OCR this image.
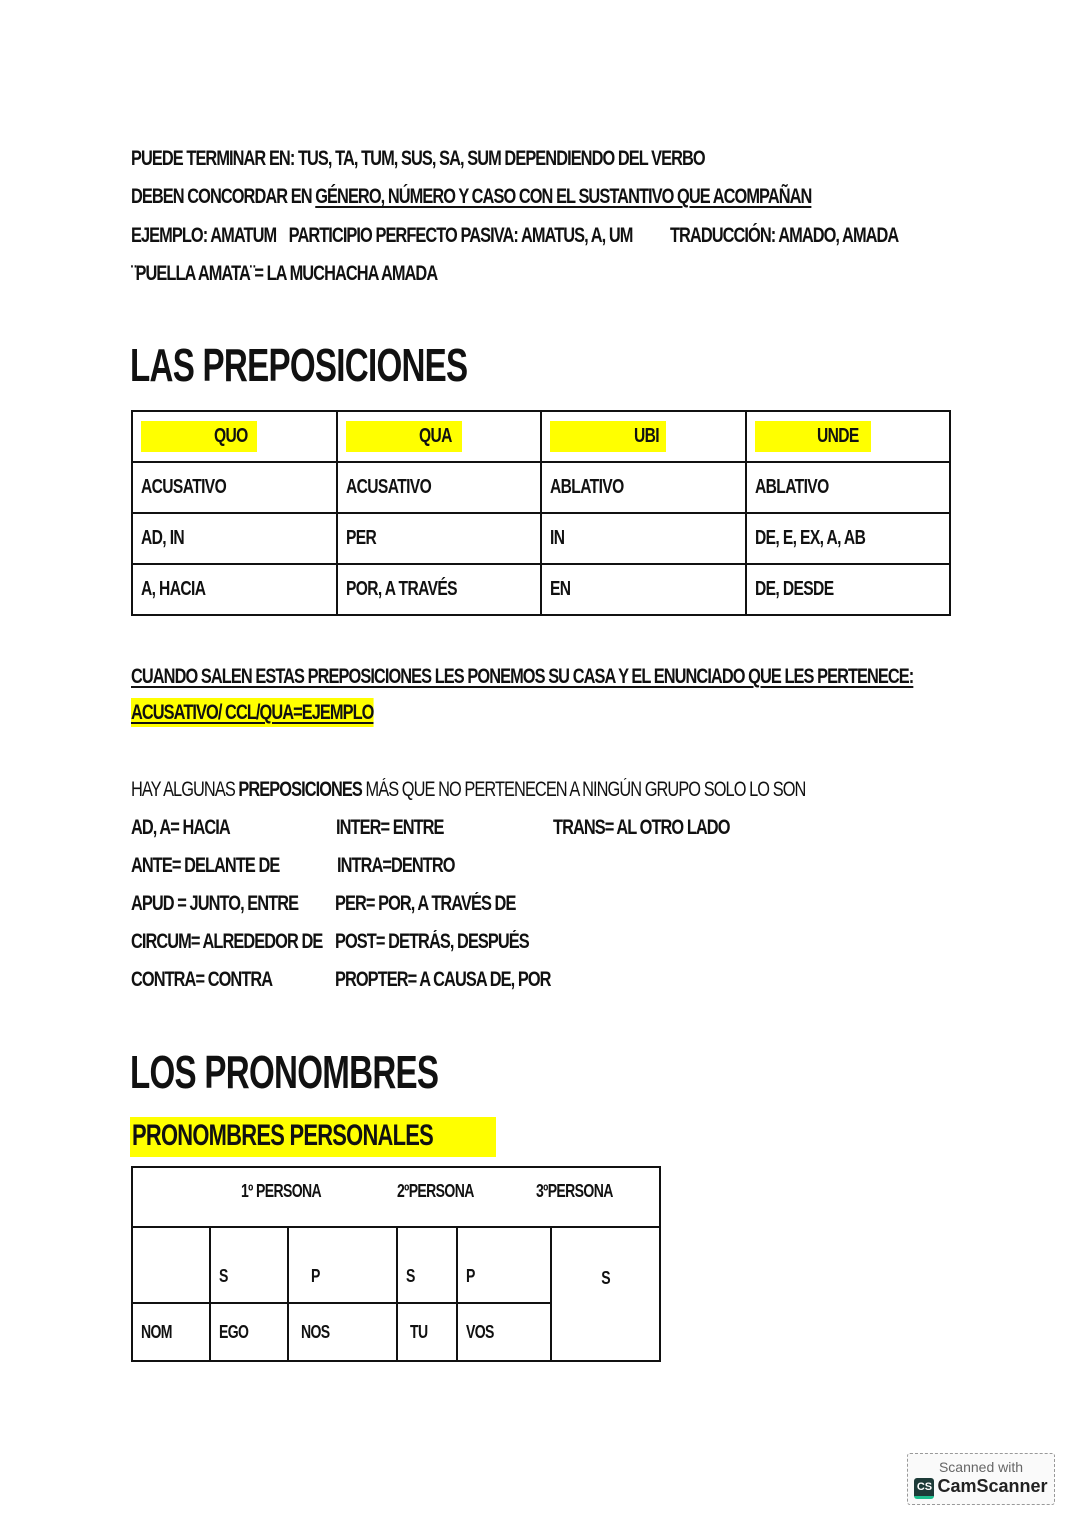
PUEDE TERMINAR EN: TUS, TA, TUM, SUS, SA, SUM DEPENDIENDO DEL VERBO
DEBEN CONCORDAR EN GÉNERO, NÚMERO Y CASO CON EL SUSTANTIVO QUE ACOMPAÑAN
EJEMPLO: AMATUM PARTICIPIO PERFECTO PASIVA: AMATUS, A, UM TRADUCCIÓN: AMADO, AMADA
¨PUELLA AMATA¨= LA MUCHACHA AMADA
LAS PREPOSICIONES
QUO	QUA	UBI	UNDE
ACUSATIVO	ACUSATIVO	ABLATIVO	ABLATIVO
AD, IN	PER	IN	DE, E, EX, A, AB
A, HACIA	POR, A TRAVÉS	EN	DE, DESDE
CUANDO SALEN ESTAS PREPOSICIONES LES PONEMOS SU CASA Y EL ENUNCIADO QUE LES PERTENECE:
ACUSATIVO/ CCL/QUA=EJEMPLO
HAY ALGUNAS PREPOSICIONES MÁS QUE NO PERTENECEN A NINGÚN GRUPO SOLO LO SON
AD, A= HACIA
ANTE= DELANTE DE
APUD = JUNTO, ENTRE
CIRCUM= ALREDEDOR DE
CONTRA= CONTRA
INTER= ENTRE
INTRA=DENTRO
PER= POR, A TRAVÉS DE
POST= DETRÁS, DESPUÉS
PROPTER= A CAUSA DE, POR
TRANS= AL OTRO LADO
LOS PRONOMBRES
PRONOMBRES PERSONALES
1º PERSONA 2ºPERSONA 3ºPERSONA					

	S	P	S	P	S
NOM	EGO	NOS	TU	VOS	
Scanned with
CS CamScanner
